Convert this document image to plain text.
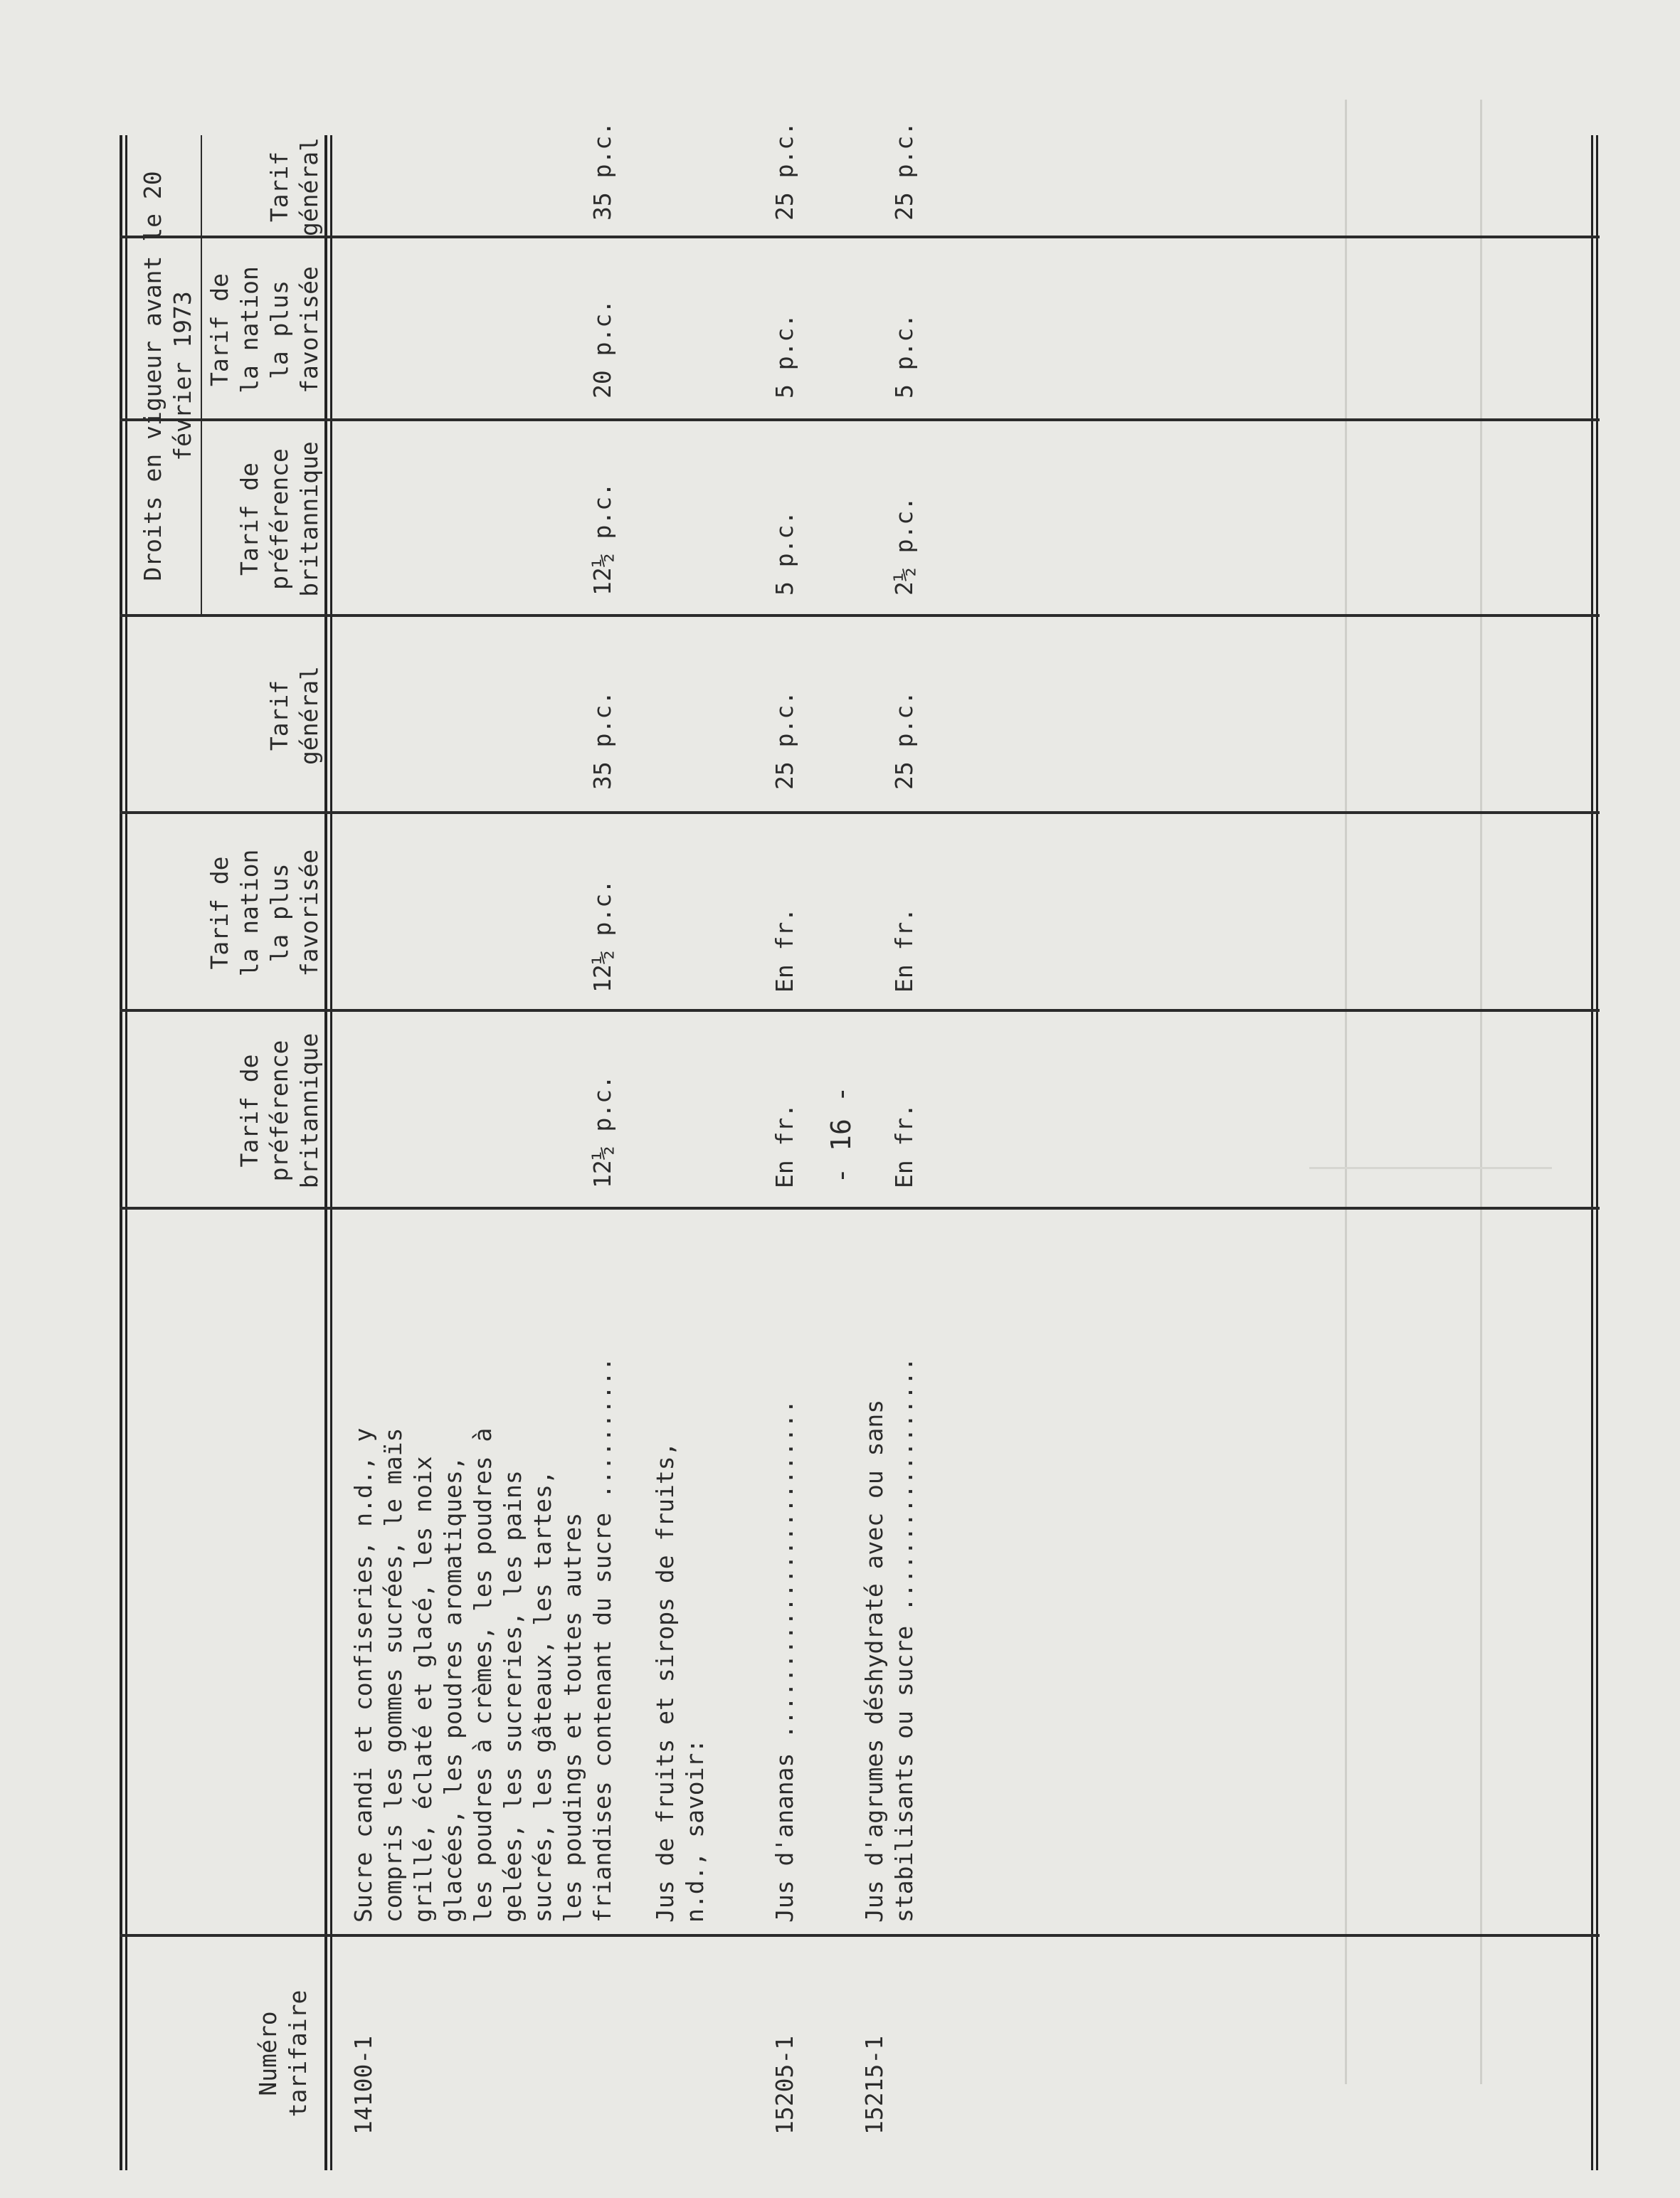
- 16 -
Numéro
tarifaire
Tarif de
préférence
britannique
Tarif de
la nation
la plus
favorisée
Tarif
général
Droits en vigueur avant le 20
février 1973
Tarif de
préférence
britannique
Tarif de
la nation
la plus
favorisée
Tarif
général
14100-1
Sucre candi et confiseries, n.d., y
compris les gommes sucrées, le maïs
grillé, éclaté et glacé, les noix
glacées, les poudres aromatiques,
les poudres à crèmes, les poudres à
gelées, les sucreries, les pains
sucrés, les gâteaux, les tartes,
les poudings et toutes autres
friandises contenant du sucre ..........
12½ p.c.
12½ p.c.
35 p.c.
12½ p.c.
20 p.c.
35 p.c.
Jus de fruits et sirops de fruits,
n.d., savoir:
15205-1
Jus d'ananas ........................
En fr.
En fr.
25 p.c.
5 p.c.
5 p.c.
25 p.c.
15215-1
Jus d'agrumes déshydraté avec ou sans
stabilisants ou sucre ..................
En fr.
En fr.
25 p.c.
2½ p.c.
5 p.c.
25 p.c.
